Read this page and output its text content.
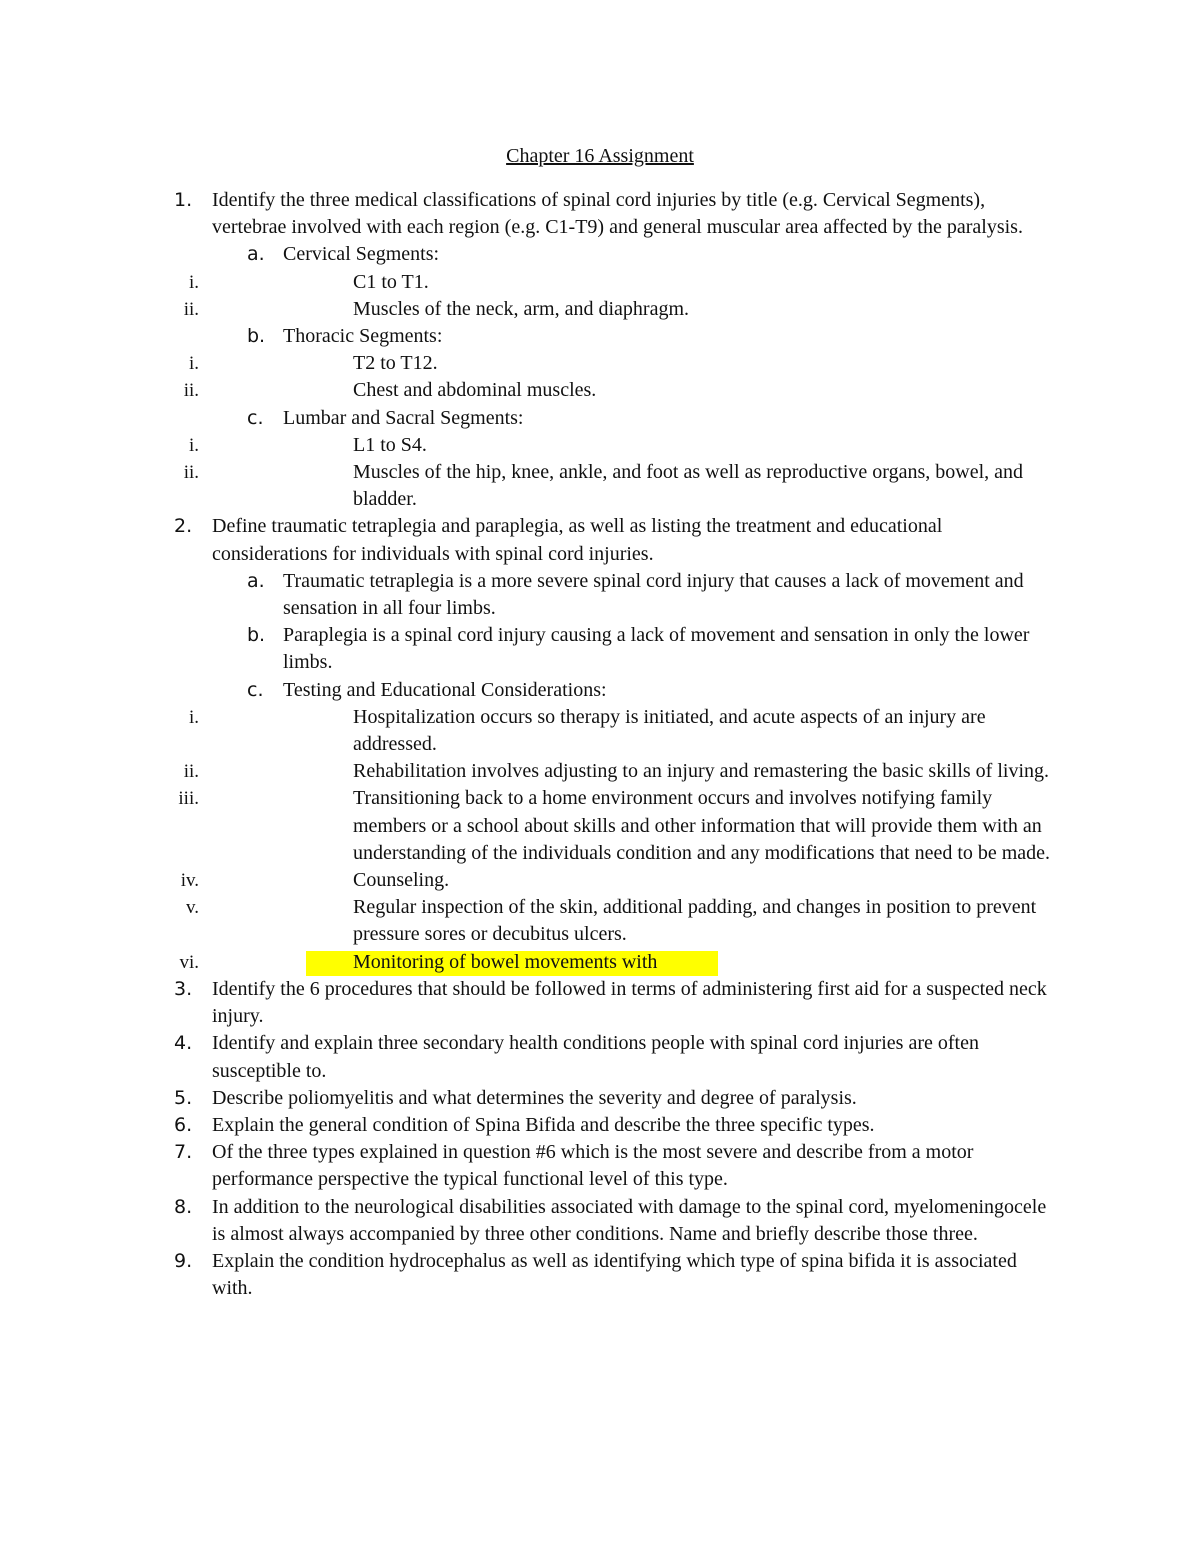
Chapter 16 Assignment
1. Identify the three medical classifications of spinal cord injuries by title (e.g. Cervical Segments), vertebrae involved with each region (e.g. C1-T9) and general muscular area affected by the paralysis.
a. Cervical Segments:
i.	C1 to T1.
ii.	Muscles of the neck, arm, and diaphragm.
b. Thoracic Segments:
i.	T2 to T12.
ii.	Chest and abdominal muscles.
c. Lumbar and Sacral Segments:
i.	L1 to S4.
ii.	Muscles of the hip, knee, ankle, and foot as well as reproductive organs, bowel, and bladder.
2. Define traumatic tetraplegia and paraplegia, as well as listing the treatment and educational considerations for individuals with spinal cord injuries.
a. Traumatic tetraplegia is a more severe spinal cord injury that causes a lack of movement and sensation in all four limbs.
b. Paraplegia is a spinal cord injury causing a lack of movement and sensation in only the lower limbs.
c. Testing and Educational Considerations:
i.	Hospitalization occurs so therapy is initiated, and acute aspects of an injury are addressed.
ii.	Rehabilitation involves adjusting to an injury and remastering the basic skills of living.
iii.	Transitioning back to a home environment occurs and involves notifying family members or a school about skills and other information that will provide them with an understanding of the individuals condition and any modifications that need to be made.
iv.	Counseling.
v.	Regular inspection of the skin, additional padding, and changes in position to prevent pressure sores or decubitus ulcers.
vi.	Monitoring of bowel movements with
3. Identify the 6 procedures that should be followed in terms of administering first aid for a suspected neck injury.
4. Identify and explain three secondary health conditions people with spinal cord injuries are often susceptible to.
5. Describe poliomyelitis and what determines the severity and degree of paralysis.
6. Explain the general condition of Spina Bifida and describe the three specific types.
7. Of the three types explained in question #6 which is the most severe and describe from a motor performance perspective the typical functional level of this type.
8. In addition to the neurological disabilities associated with damage to the spinal cord, myelomeningocele is almost always accompanied by three other conditions. Name and briefly describe those three.
9. Explain the condition hydrocephalus as well as identifying which type of spina bifida it is associated with.
